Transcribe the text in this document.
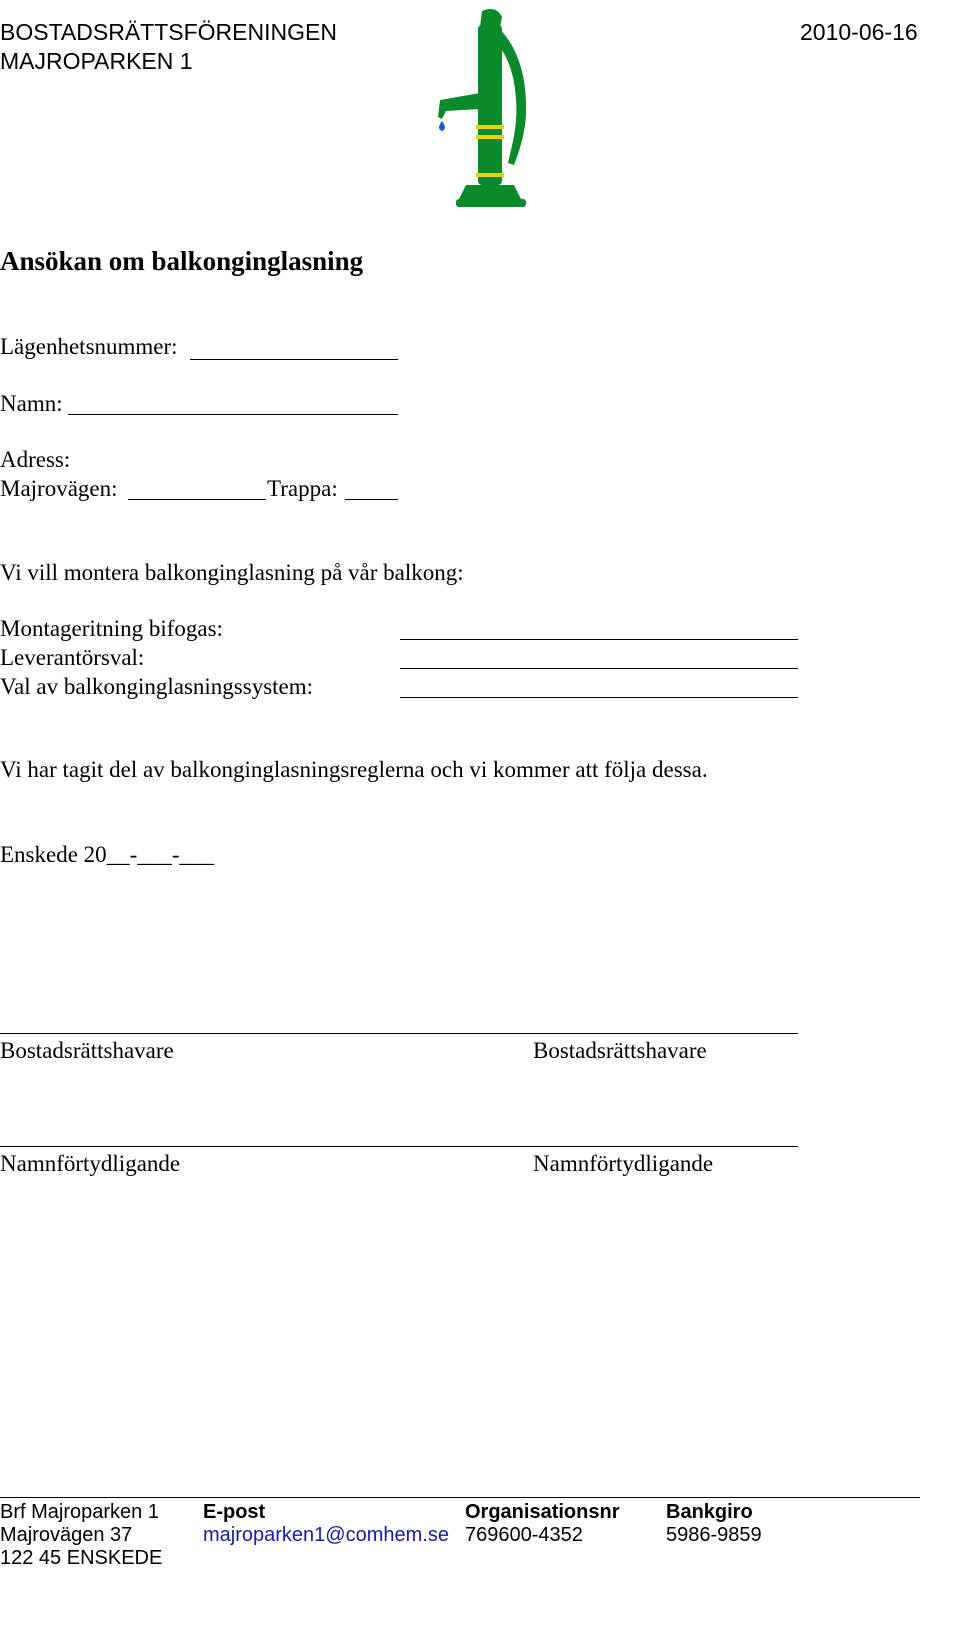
BOSTADSRÄTTSFÖRENINGEN
MAJROPARKEN 1
2010-06-16
Ansökan om balkonginglasning
Lägenhetsnummer:
Namn:
Adress:
Majrovägen:	Trappa:
Vi vill montera balkonginglasning på vår balkong:
Montageritning bifogas:
Leverantörsval:
Val av balkonginglasningssystem:
Vi har tagit del av balkonginglasningsreglerna och vi kommer att följa dessa.
Enskede 20__-___-___
Bostadsrättshavare	Bostadsrättshavare
Namnförtydligande	Namnförtydligande
Brf Majroparken 1
Majrovägen 37
122 45 ENSKEDE
E-post
majroparken1@comhem.se
Organisationsnr
769600-4352
Bankgiro
5986-9859
